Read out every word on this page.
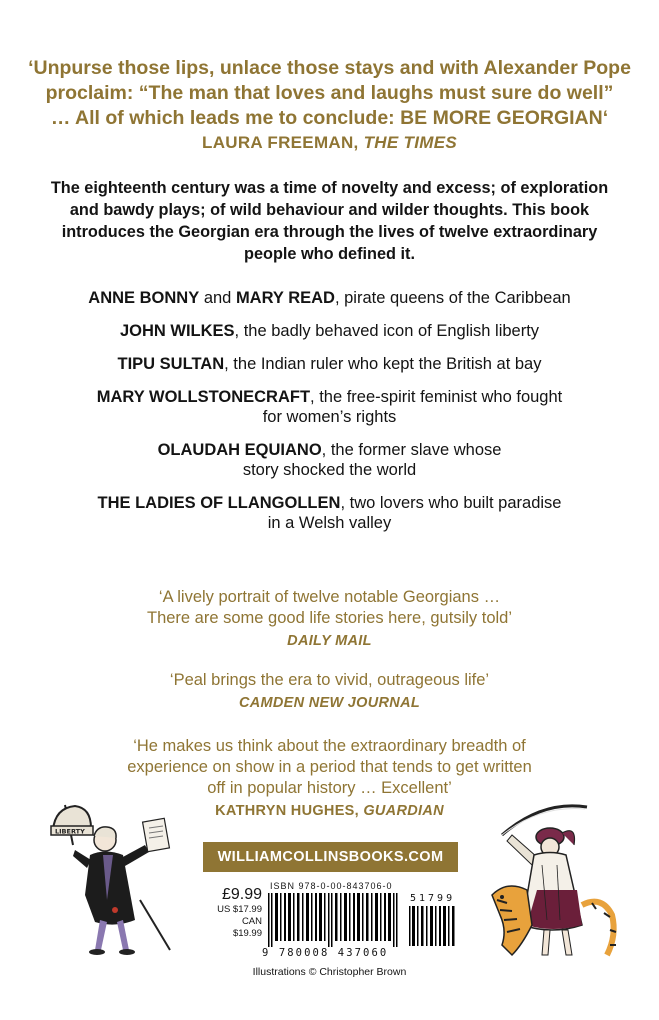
‘Unpurse those lips, unlace those stays and with Alexander Pope
proclaim: “The man that loves and laughs must sure do well”
… All of which leads me to conclude: BE MORE GEORGIAN‘
LAURA FREEMAN, THE TIMES
The eighteenth century was a time of novelty and excess; of exploration
and bawdy plays; of wild behaviour and wilder thoughts. This book
introduces the Georgian era through the lives of twelve extraordinary
people who defined it.
ANNE BONNY and MARY READ, pirate queens of the Caribbean
JOHN WILKES, the badly behaved icon of English liberty
TIPU SULTAN, the Indian ruler who kept the British at bay
MARY WOLLSTONECRAFT, the free-spirit feminist who fought
for women’s rights
OLAUDAH EQUIANO, the former slave whose
story shocked the world
THE LADIES OF LLANGOLLEN, two lovers who built paradise
in a Welsh valley
‘A lively portrait of twelve notable Georgians …
There are some good life stories here, gutsily told’
DAILY MAIL
‘Peal brings the era to vivid, outrageous life’
CAMDEN NEW JOURNAL
‘He makes us think about the extraordinary breadth of
experience on show in a period that tends to get written
off in popular history … Excellent’
KATHRYN HUGHES, GUARDIAN
WILLIAMCOLLINSBOOKS.COM
£9.99
US $17.99
CAN $19.99
ISBN 978-0-00-843706-0
51799
9 780008 437060
LIBERTY
Illustrations © Christopher Brown
